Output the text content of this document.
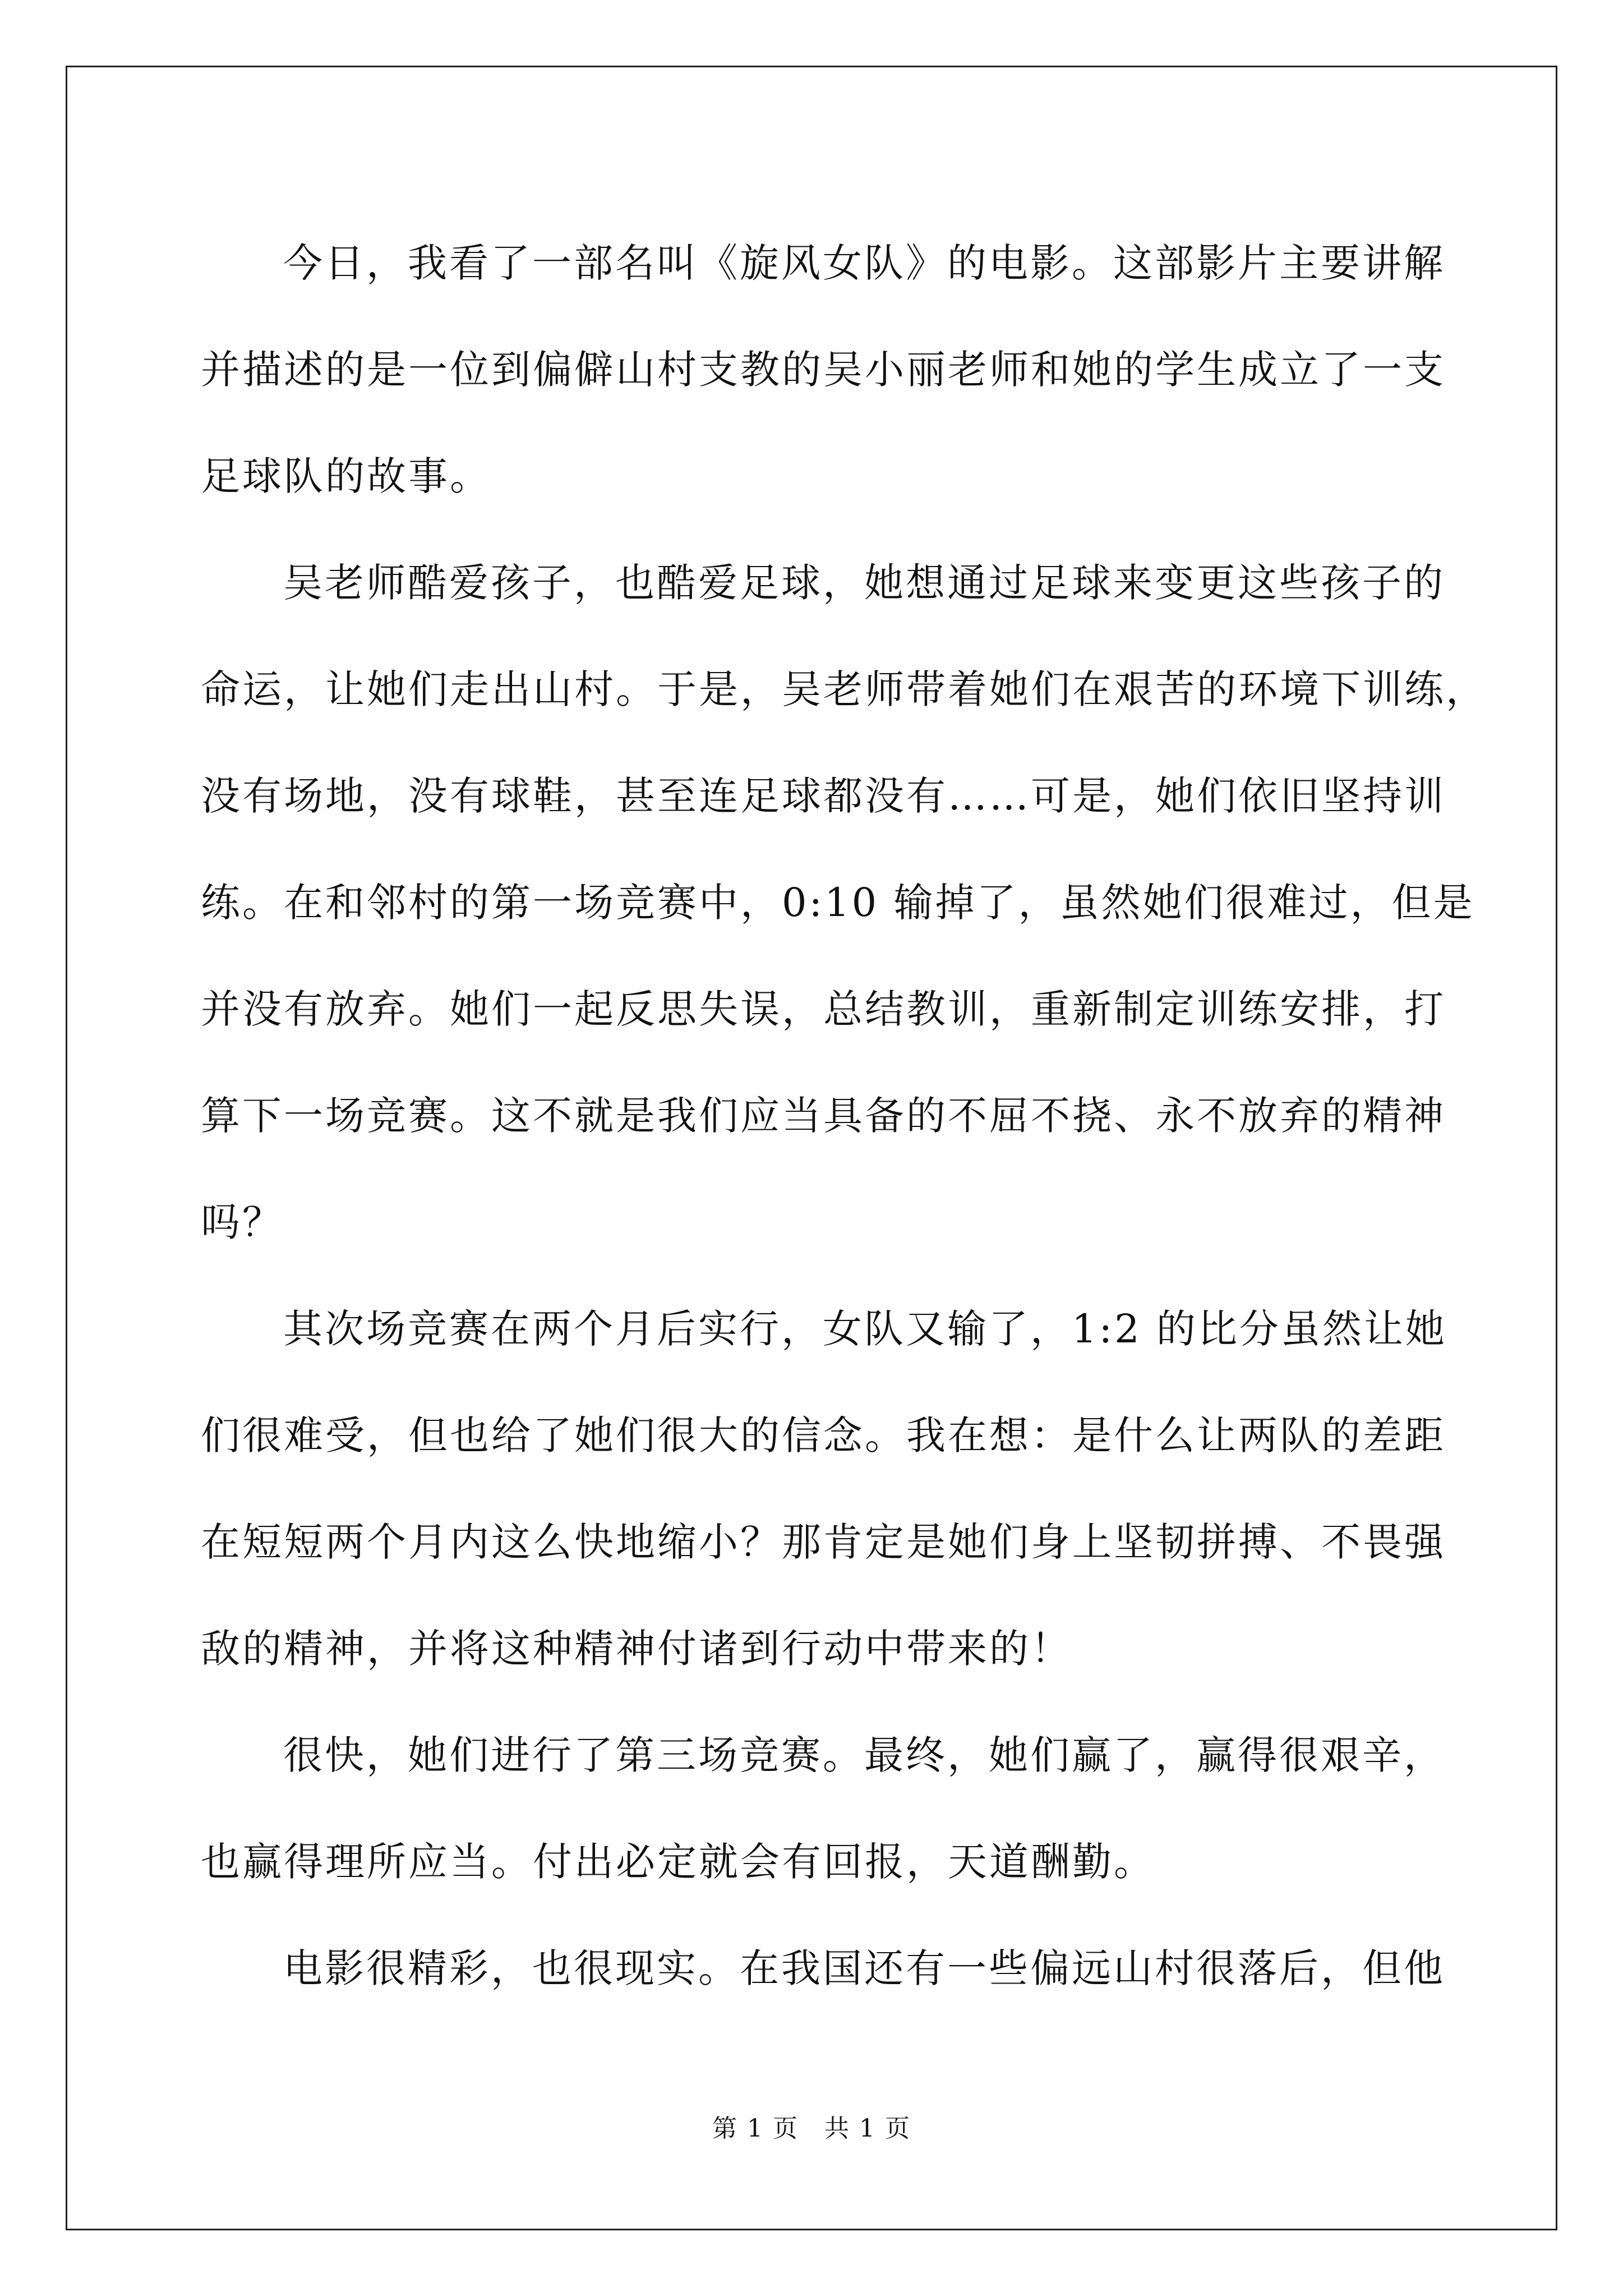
今日，我看了一部名叫《旋风女队》的电影。这部影片主要讲解

并描述的是一位到偏僻山村支教的吴小丽老师和她的学生成立了一支

足球队的故事。

吴老师酷爱孩子，也酷爱足球，她想通过足球来变更这些孩子的

命运，让她们走出山村。于是，吴老师带着她们在艰苦的环境下训练，

没有场地，没有球鞋，甚至连足球都没有……可是，她们依旧坚持训

练。在和邻村的第一场竞赛中，0:10 输掉了，虽然她们很难过，但是

并没有放弃。她们一起反思失误，总结教训，重新制定训练安排，打

算下一场竞赛。这不就是我们应当具备的不屈不挠、永不放弃的精神

吗？

其次场竞赛在两个月后实行，女队又输了，1:2 的比分虽然让她

们很难受，但也给了她们很大的信念。我在想：是什么让两队的差距

在短短两个月内这么快地缩小？那肯定是她们身上坚韧拼搏、不畏强

敌的精神，并将这种精神付诸到行动中带来的！

很快，她们进行了第三场竞赛。最终，她们赢了，赢得很艰辛，

也赢得理所应当。付出必定就会有回报，天道酬勤。

电影很精彩，也很现实。在我国还有一些偏远山村很落后，但他

第 1 页　共 1 页
